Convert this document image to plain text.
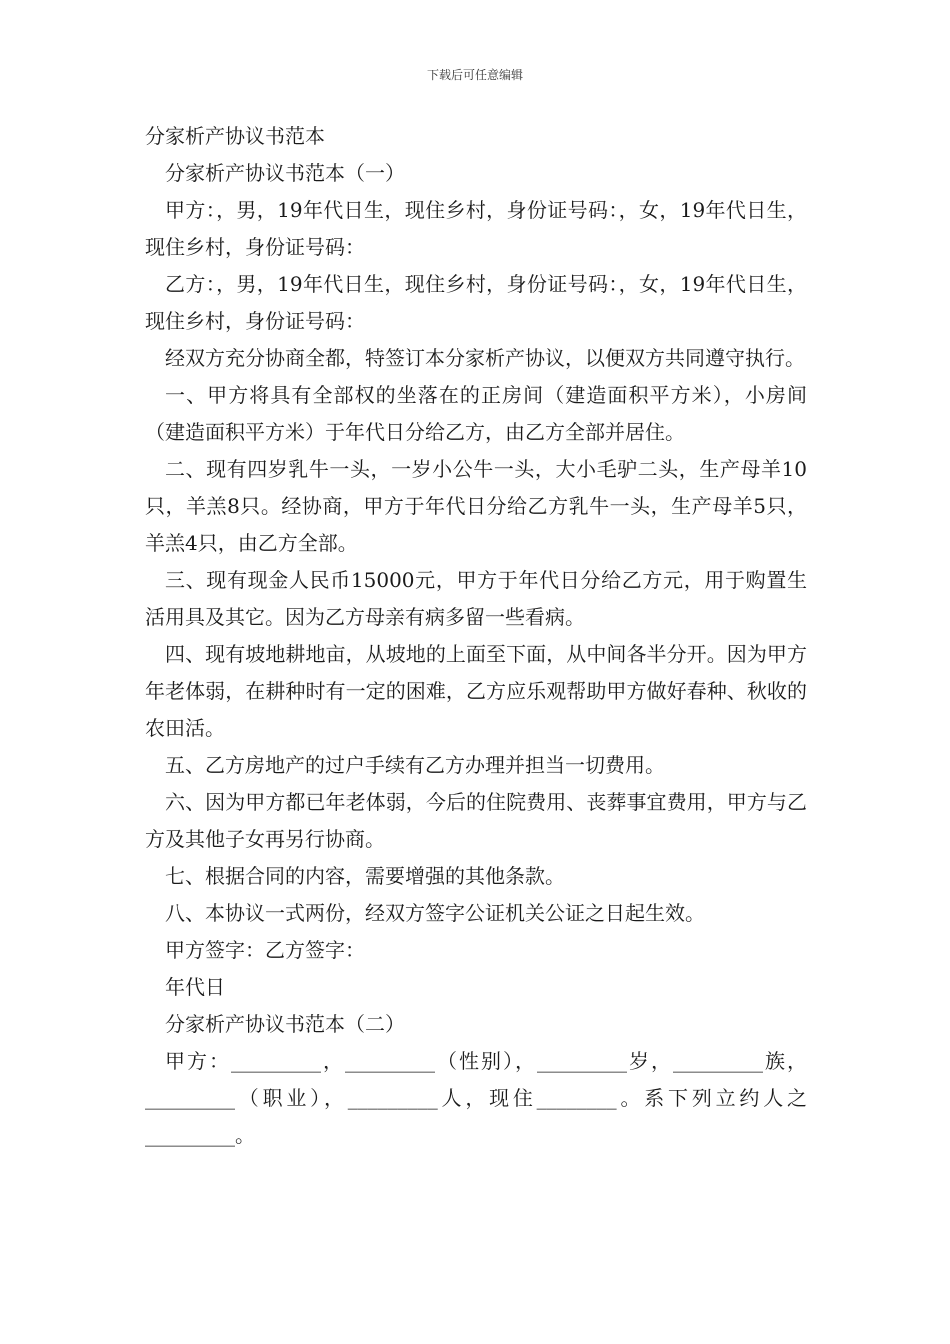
下载后可任意编辑

分家析产协议书范本

分家析产协议书范本（一）

甲方：，男，19年代日生，现住乡村，身份证号码：，女，19年代日生，现住乡村，身份证号码：

乙方：，男，19年代日生，现住乡村，身份证号码：，女，19年代日生，现住乡村，身份证号码：

经双方充分协商全都，特签订本分家析产协议，以便双方共同遵守执行。

一、甲方将具有全部权的坐落在的正房间（建造面积平方米），小房间（建造面积平方米）于年代日分给乙方，由乙方全部并居住。

二、现有四岁乳牛一头，一岁小公牛一头，大小毛驴二头，生产母羊10只，羊羔8只。经协商，甲方于年代日分给乙方乳牛一头，生产母羊5只，羊羔4只，由乙方全部。

三、现有现金人民币15000元，甲方于年代日分给乙方元，用于购置生活用具及其它。因为乙方母亲有病多留一些看病。

四、现有坡地耕地亩，从坡地的上面至下面，从中间各半分开。因为甲方年老体弱，在耕种时有一定的困难，乙方应乐观帮助甲方做好春种、秋收的农田活。

五、乙方房地产的过户手续有乙方办理并担当一切费用。

六、因为甲方都已年老体弱，今后的住院费用、丧葬事宜费用，甲方与乙方及其他子女再另行协商。

七、根据合同的内容，需要增强的其他条款。

八、本协议一式两份，经双方签字公证机关公证之日起生效。

甲方签字：乙方签字：

年代日

分家析产协议书范本（二）

甲方：_________，_________（性别），_________岁，_________族，_________（职业），_________人，现住________。系下列立约人之_________。
